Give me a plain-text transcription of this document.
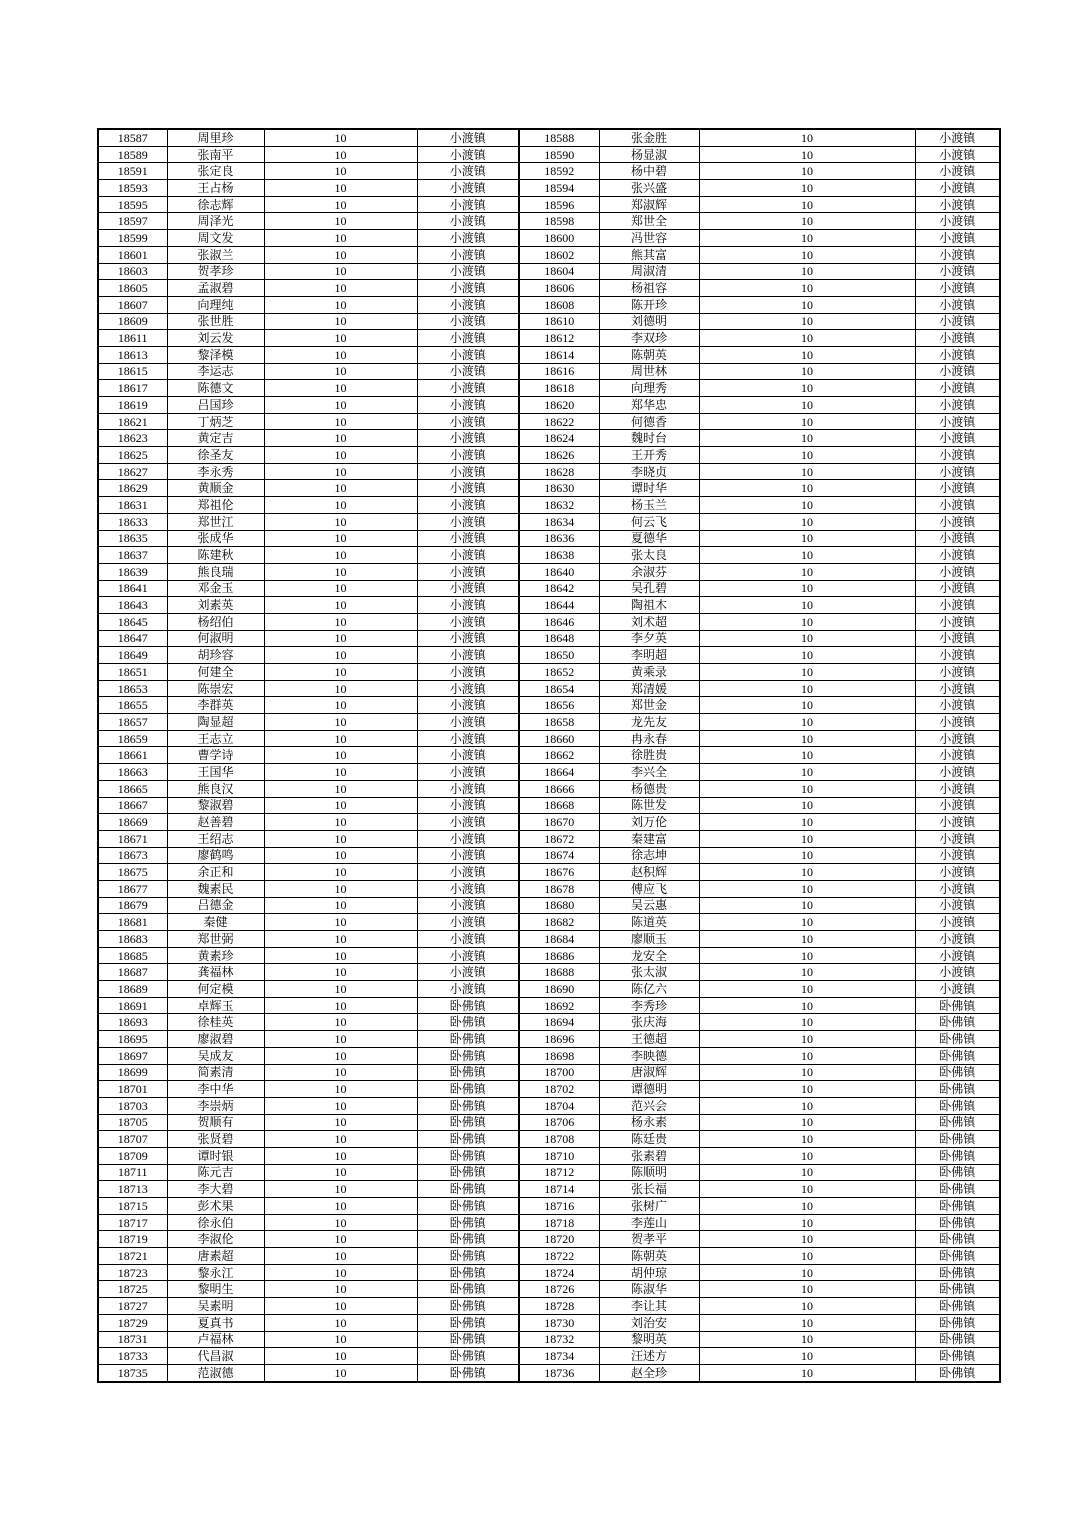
18587	周里珍	10	小渡镇	18588	张金胜	10	小渡镇
18589	张南平	10	小渡镇	18590	杨显淑	10	小渡镇
18591	张定良	10	小渡镇	18592	杨中碧	10	小渡镇
18593	王占杨	10	小渡镇	18594	张兴盛	10	小渡镇
18595	徐志辉	10	小渡镇	18596	郑淑辉	10	小渡镇
18597	周泽光	10	小渡镇	18598	郑世全	10	小渡镇
18599	周文发	10	小渡镇	18600	冯世容	10	小渡镇
18601	张淑兰	10	小渡镇	18602	熊其富	10	小渡镇
18603	贺孝珍	10	小渡镇	18604	周淑清	10	小渡镇
18605	孟淑碧	10	小渡镇	18606	杨祖容	10	小渡镇
18607	向理纯	10	小渡镇	18608	陈开珍	10	小渡镇
18609	张世胜	10	小渡镇	18610	刘德明	10	小渡镇
18611	刘云发	10	小渡镇	18612	李双珍	10	小渡镇
18613	黎泽模	10	小渡镇	18614	陈朝英	10	小渡镇
18615	李运志	10	小渡镇	18616	周世林	10	小渡镇
18617	陈德文	10	小渡镇	18618	向理秀	10	小渡镇
18619	吕国珍	10	小渡镇	18620	郑华忠	10	小渡镇
18621	丁炳芝	10	小渡镇	18622	何德香	10	小渡镇
18623	黄定吉	10	小渡镇	18624	魏时台	10	小渡镇
18625	徐圣友	10	小渡镇	18626	王开秀	10	小渡镇
18627	李永秀	10	小渡镇	18628	李晓贞	10	小渡镇
18629	黄顺金	10	小渡镇	18630	谭时华	10	小渡镇
18631	郑祖伦	10	小渡镇	18632	杨玉兰	10	小渡镇
18633	郑世江	10	小渡镇	18634	何云飞	10	小渡镇
18635	张成华	10	小渡镇	18636	夏德华	10	小渡镇
18637	陈建秋	10	小渡镇	18638	张太良	10	小渡镇
18639	熊良瑞	10	小渡镇	18640	余淑芬	10	小渡镇
18641	邓金玉	10	小渡镇	18642	吴孔碧	10	小渡镇
18643	刘素英	10	小渡镇	18644	陶祖木	10	小渡镇
18645	杨绍伯	10	小渡镇	18646	刘术超	10	小渡镇
18647	何淑明	10	小渡镇	18648	李夕英	10	小渡镇
18649	胡珍容	10	小渡镇	18650	李明超	10	小渡镇
18651	何建全	10	小渡镇	18652	黄乘录	10	小渡镇
18653	陈崇宏	10	小渡镇	18654	郑清媛	10	小渡镇
18655	李群英	10	小渡镇	18656	郑世金	10	小渡镇
18657	陶显超	10	小渡镇	18658	龙先友	10	小渡镇
18659	王志立	10	小渡镇	18660	冉永春	10	小渡镇
18661	曹学诗	10	小渡镇	18662	徐胜贵	10	小渡镇
18663	王国华	10	小渡镇	18664	李兴全	10	小渡镇
18665	熊良汉	10	小渡镇	18666	杨德贵	10	小渡镇
18667	黎淑碧	10	小渡镇	18668	陈世发	10	小渡镇
18669	赵善碧	10	小渡镇	18670	刘万伦	10	小渡镇
18671	王绍志	10	小渡镇	18672	秦建富	10	小渡镇
18673	廖鹤鸣	10	小渡镇	18674	徐志坤	10	小渡镇
18675	余正和	10	小渡镇	18676	赵积辉	10	小渡镇
18677	魏素民	10	小渡镇	18678	傅应飞	10	小渡镇
18679	吕德金	10	小渡镇	18680	吴云惠	10	小渡镇
18681	秦健	10	小渡镇	18682	陈道英	10	小渡镇
18683	郑世弼	10	小渡镇	18684	廖顺玉	10	小渡镇
18685	黄素珍	10	小渡镇	18686	龙安全	10	小渡镇
18687	龚福林	10	小渡镇	18688	张太淑	10	小渡镇
18689	何定模	10	小渡镇	18690	陈亿六	10	小渡镇
18691	卓辉玉	10	卧佛镇	18692	李秀珍	10	卧佛镇
18693	徐桂英	10	卧佛镇	18694	张庆海	10	卧佛镇
18695	廖淑碧	10	卧佛镇	18696	王德超	10	卧佛镇
18697	吴成友	10	卧佛镇	18698	李映德	10	卧佛镇
18699	简素清	10	卧佛镇	18700	唐淑辉	10	卧佛镇
18701	李中华	10	卧佛镇	18702	谭德明	10	卧佛镇
18703	李崇炳	10	卧佛镇	18704	范兴会	10	卧佛镇
18705	贺顺有	10	卧佛镇	18706	杨永素	10	卧佛镇
18707	张贤碧	10	卧佛镇	18708	陈廷贵	10	卧佛镇
18709	谭时银	10	卧佛镇	18710	张素碧	10	卧佛镇
18711	陈元吉	10	卧佛镇	18712	陈顺明	10	卧佛镇
18713	李大碧	10	卧佛镇	18714	张长福	10	卧佛镇
18715	彭术果	10	卧佛镇	18716	张树广	10	卧佛镇
18717	徐永伯	10	卧佛镇	18718	李莲山	10	卧佛镇
18719	李淑伦	10	卧佛镇	18720	贺孝平	10	卧佛镇
18721	唐素超	10	卧佛镇	18722	陈朝英	10	卧佛镇
18723	黎永江	10	卧佛镇	18724	胡仲琼	10	卧佛镇
18725	黎明生	10	卧佛镇	18726	陈淑华	10	卧佛镇
18727	吴素明	10	卧佛镇	18728	李让其	10	卧佛镇
18729	夏真书	10	卧佛镇	18730	刘治安	10	卧佛镇
18731	卢福林	10	卧佛镇	18732	黎明英	10	卧佛镇
18733	代昌淑	10	卧佛镇	18734	汪述方	10	卧佛镇
18735	范淑德	10	卧佛镇	18736	赵全珍	10	卧佛镇
